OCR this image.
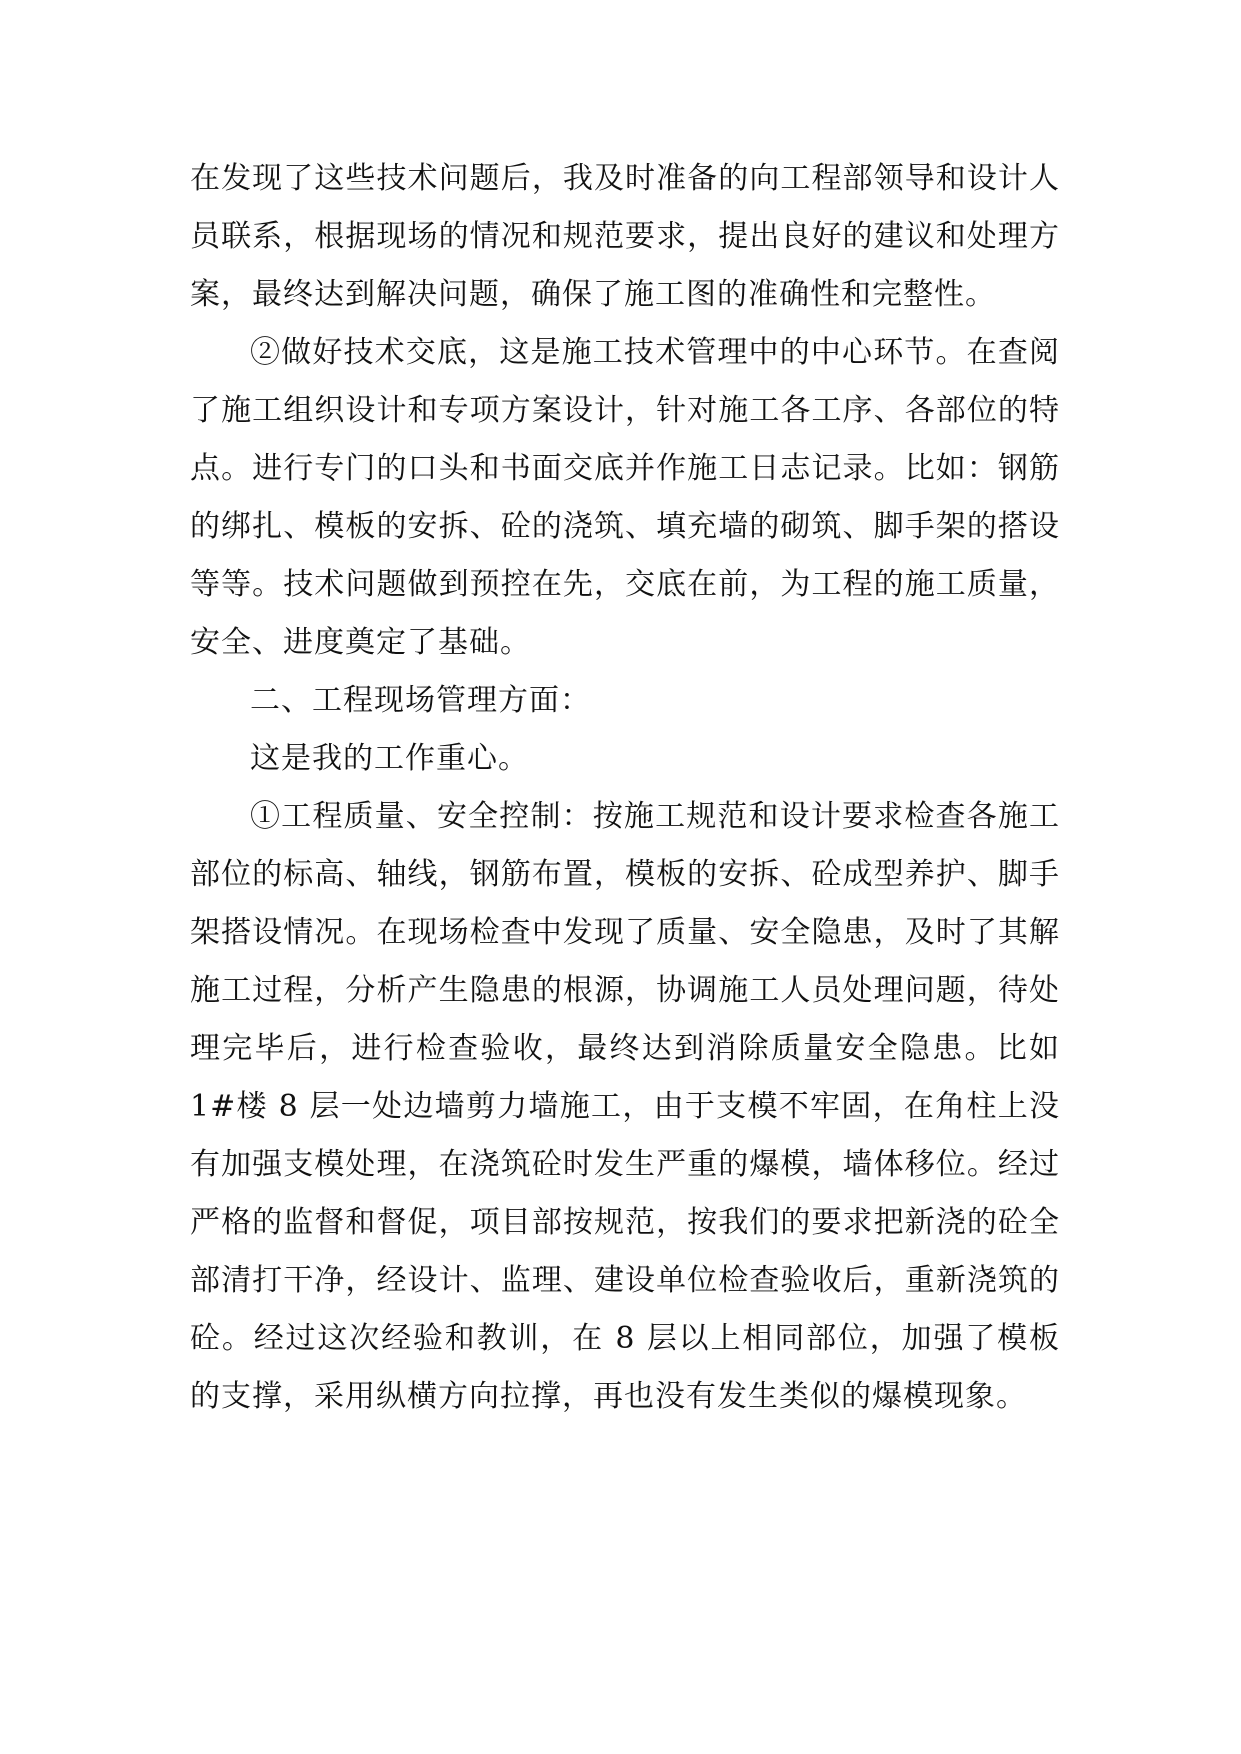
在发现了这些技术问题后，我及时准备的向工程部领导和设计人员联系，根据现场的情况和规范要求，提出良好的建议和处理方案，最终达到解决问题，确保了施工图的准确性和完整性。

②做好技术交底，这是施工技术管理中的中心环节。在查阅了施工组织设计和专项方案设计，针对施工各工序、各部位的特点。进行专门的口头和书面交底并作施工日志记录。比如：钢筋的绑扎、模板的安拆、砼的浇筑、填充墙的砌筑、脚手架的搭设等等。技术问题做到预控在先，交底在前，为工程的施工质量，安全、进度奠定了基础。

二、工程现场管理方面：

这是我的工作重心。

①工程质量、安全控制：按施工规范和设计要求检查各施工部位的标高、轴线，钢筋布置，模板的安拆、砼成型养护、脚手架搭设情况。在现场检查中发现了质量、安全隐患，及时了其解施工过程，分析产生隐患的根源，协调施工人员处理问题，待处理完毕后，进行检查验收，最终达到消除质量安全隐患。比如 1#楼 8 层一处边墙剪力墙施工，由于支模不牢固，在角柱上没有加强支模处理，在浇筑砼时发生严重的爆模，墙体移位。经过严格的监督和督促，项目部按规范，按我们的要求把新浇的砼全部清打干净，经设计、监理、建设单位检查验收后，重新浇筑的砼。经过这次经验和教训，在 8 层以上相同部位，加强了模板的支撑，采用纵横方向拉撑，再也没有发生类似的爆模现象。
